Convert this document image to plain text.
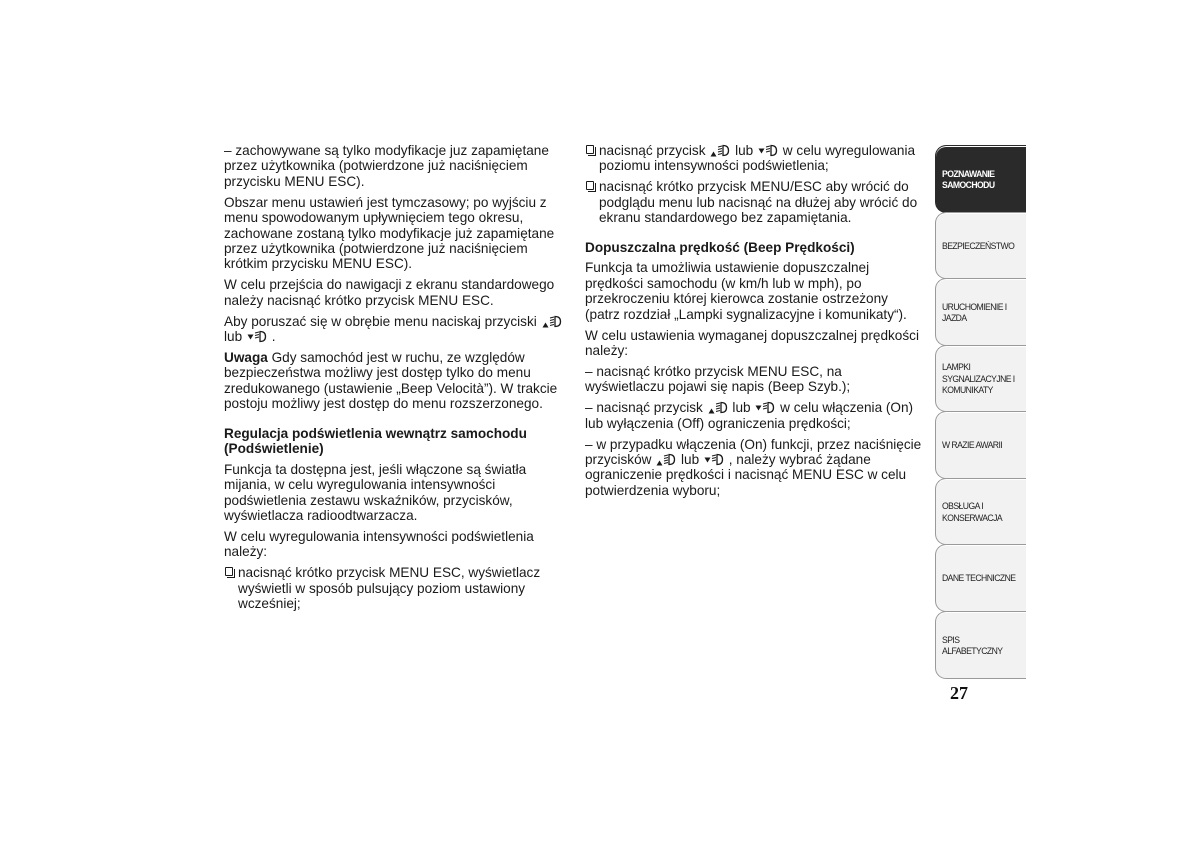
– zachowywane są tylko modyfikacje juz zapamiętane przez użytkownika (potwierdzone już naciśnięciem przycisku MENU ESC).

Obszar menu ustawień jest tymczasowy; po wyjściu z menu spowodowanym upływnięciem tego okresu, zachowane zostaną tylko modyfikacje już zapamiętane przez użytkownika (potwierdzone już naciśnięciem krótkim przycisku MENU ESC).

W celu przejścia do nawigacji z ekranu standardowego należy nacisnąć krótko przycisk MENU ESC.

Aby poruszać się w obrębie menu naciskaj przyciski lub .

Uwaga Gdy samochód jest w ruchu, ze względów bezpieczeństwa możliwy jest dostęp tylko do menu zredukowanego (ustawienie „Beep Velocità”). W trakcie postoju możliwy jest dostęp do menu rozszerzonego.

Regulacja podświetlenia wewnątrz samochodu (Podświetlenie)

Funkcja ta dostępna jest, jeśli włączone są światła mijania, w celu wyregulowania intensywności podświetlenia zestawu wskaźników, przycisków, wyświetlacza radioodtwarzacza.

W celu wyregulowania intensywności podświetlenia należy:

nacisnąć krótko przycisk MENU ESC, wyświetlacz wyświetli w sposób pulsujący poziom ustawiony wcześniej;

nacisnąć przycisk lub w celu wyregulowania poziomu intensywności podświetlenia;

nacisnąć krótko przycisk MENU/ESC aby wrócić do podglądu menu lub nacisnąć na dłużej aby wrócić do ekranu standardowego bez zapamiętania.

Dopuszczalna prędkość (Beep Prędkości)

Funkcja ta umożliwia ustawienie dopuszczalnej prędkości samochodu (w km/h lub w mph), po przekroczeniu której kierowca zostanie ostrzeżony (patrz rozdział „Lampki sygnalizacyjne i komunikaty“).

W celu ustawienia wymaganej dopuszczalnej prędkości należy:

– nacisnąć krótko przycisk MENU ESC, na wyświetlaczu pojawi się napis (Beep Szyb.);

– nacisnąć przycisk lub w celu włączenia (On) lub wyłączenia (Off) ograniczenia prędkości;

– w przypadku włączenia (On) funkcji, przez naciśnięcie przycisków lub , należy wybrać żądane ograniczenie prędkości i nacisnąć MENU ESC w celu potwierdzenia wyboru;

POZNAWANIE SAMOCHODU
BEZPIECZEŃSTWO
URUCHOMIENIE I JAZDA
LAMPKI SYGNALIZACYJNE I KOMUNIKATY
W RAZIE AWARII
OBSŁUGA I KONSERWACJA
DANE TECHNICZNE
SPIS ALFABETYCZNY
27
